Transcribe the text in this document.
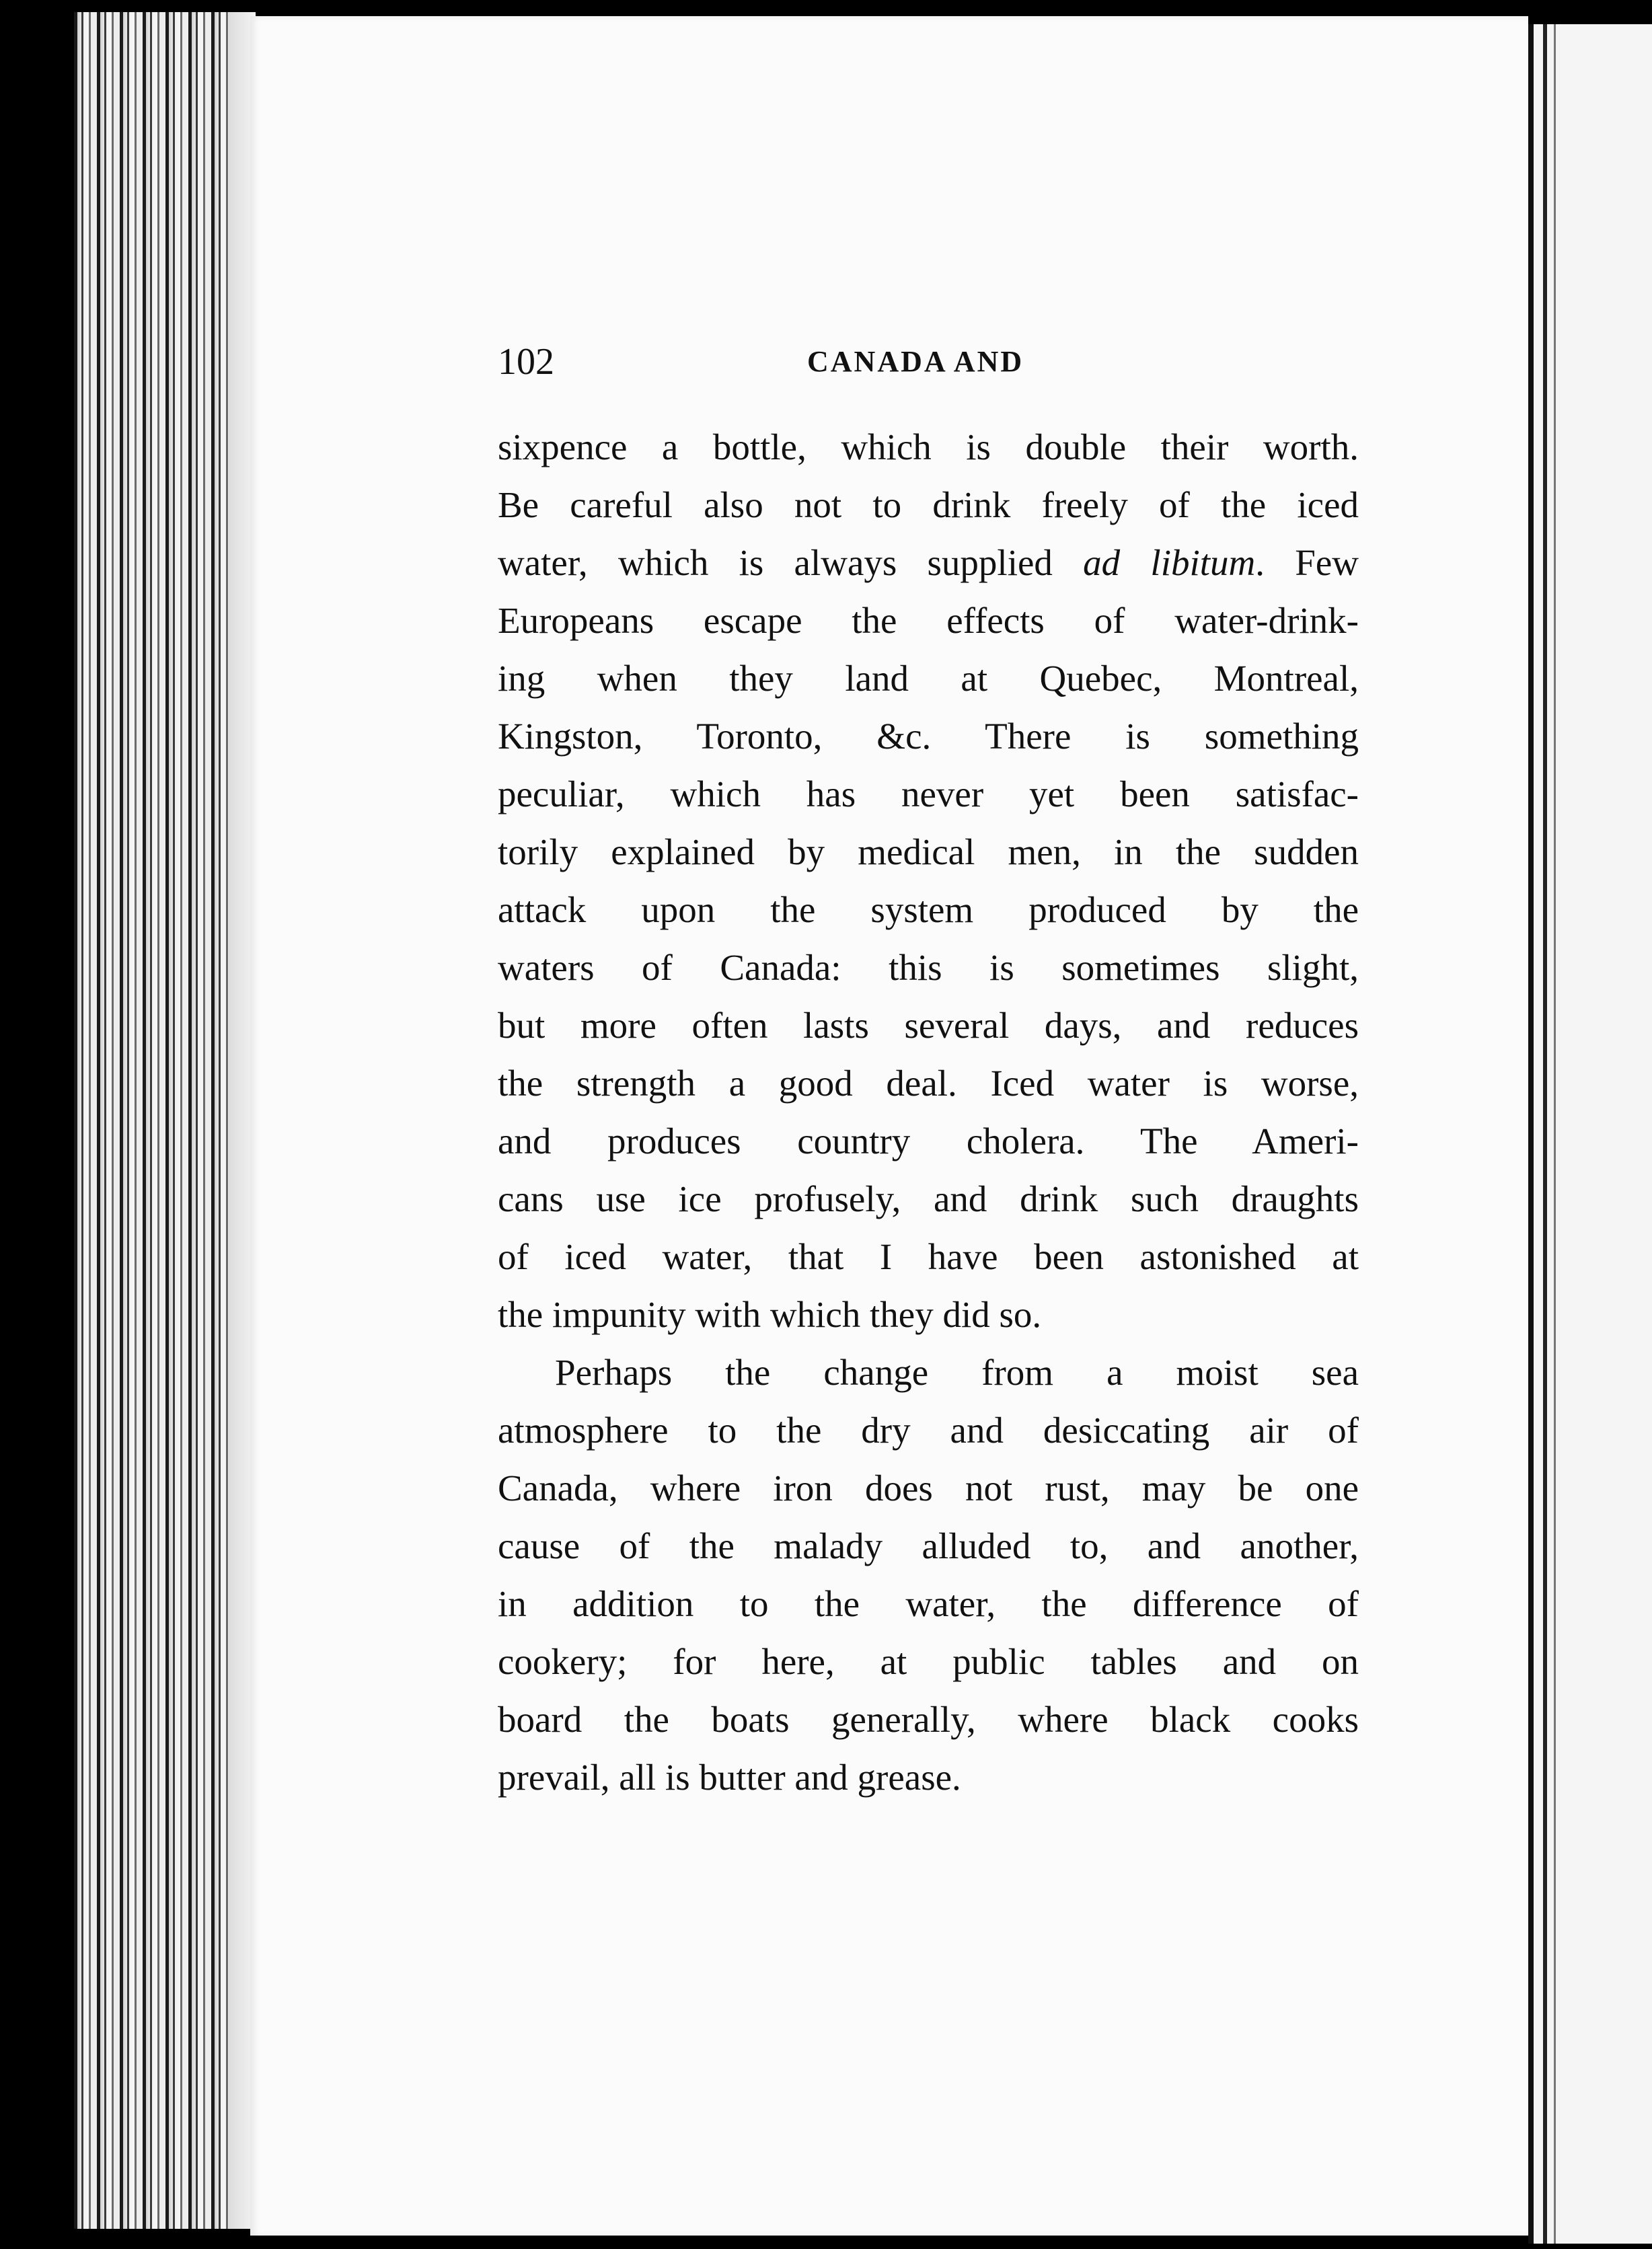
102	CANADA AND
sixpence a bottle, which is double their worth.
Be careful also not to drink freely of the iced
water, which is always supplied ad libitum. Few
Europeans escape the effects of water-drink-
ing when they land at Quebec, Montreal,
Kingston, Toronto, &c. There is something
peculiar, which has never yet been satisfac-
torily explained by medical men, in the sudden
attack upon the system produced by the
waters of Canada: this is sometimes slight,
but more often lasts several days, and reduces
the strength a good deal. Iced water is worse,
and produces country cholera. The Ameri-
cans use ice profusely, and drink such draughts
of iced water, that I have been astonished at
the impunity with which they did so.
Perhaps the change from a moist sea
atmosphere to the dry and desiccating air of
Canada, where iron does not rust, may be one
cause of the malady alluded to, and another,
in addition to the water, the difference of
cookery; for here, at public tables and on
board the boats generally, where black cooks
prevail, all is butter and grease.
